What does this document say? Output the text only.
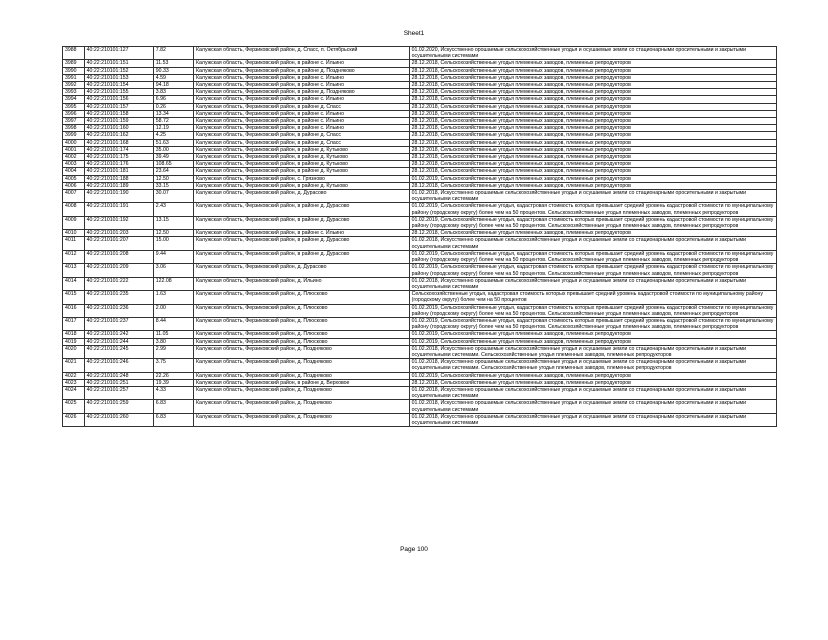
Sheet1
3988	40:22:210101:127	7.82	Калужская область, Ферзиковский район, д. Спасс, п. Октябрьский	01.02.2020, Искусственно орошаемые сельскохозяйственные угодья и осушаемые земли со стационарными оросительными и закрытыми осушительными системами
3989	40:22:210101:151	11.53	Калужская область, Ферзиковский район, в районе с. Ильино	28.12.2018, Сельскохозяйственные угодья племенных заводов, племенных репродукторов
3990	40:22:210101:152	90.33	Калужская область, Ферзиковский район, в районе д. Поздняково	28.12.2018, Сельскохозяйственные угодья племенных заводов, племенных репродукторов
3991	40:22:210101:153	4.59	Калужская область, Ферзиковский район, в районе с. Ильино	28.12.2018, Сельскохозяйственные угодья племенных заводов, племенных репродукторов
3992	40:22:210101:154	94.18	Калужская область, Ферзиковский район, в районе с. Ильино	28.12.2018, Сельскохозяйственные угодья племенных заводов, племенных репродукторов
3993	40:22:210101:155	3.83	Калужская область, Ферзиковский район, в районе д. Поздняково	28.12.2018, Сельскохозяйственные угодья племенных заводов, племенных репродукторов
3994	40:22:210101:156	6.96	Калужская область, Ферзиковский район, в районе с. Ильино	28.12.2018, Сельскохозяйственные угодья племенных заводов, племенных репродукторов
3995	40:22:210101:157	0.26	Калужская область, Ферзиковский район, в районе д. Спасс	28.12.2018, Сельскохозяйственные угодья племенных заводов, племенных репродукторов
3996	40:22:210101:158	13.34	Калужская область, Ферзиковский район, в районе с. Ильино	28.12.2018, Сельскохозяйственные угодья племенных заводов, племенных репродукторов
3997	40:22:210101:159	58.72	Калужская область, Ферзиковский район, в районе с. Ильино	28.12.2018, Сельскохозяйственные угодья племенных заводов, племенных репродукторов
3998	40:22:210101:160	12.19	Калужская область, Ферзиковский район, в районе с. Ильино	28.12.2018, Сельскохозяйственные угодья племенных заводов, племенных репродукторов
3999	40:22:210101:162	4.25	Калужская область, Ферзиковский район, в районе д. Спасс	28.12.2018, Сельскохозяйственные угодья племенных заводов, племенных репродукторов
4000	40:22:210101:168	51.63	Калужская область, Ферзиковский район, в районе д. Спасс	28.12.2018, Сельскохозяйственные угодья племенных заводов, племенных репродукторов
4001	40:22:210101:174	35.00	Калужская область, Ферзиковский район, в районе д. Кутьково	28.12.2018, Сельскохозяйственные угодья племенных заводов, племенных репродукторов
4002	40:22:210101:175	39.49	Калужская область, Ферзиковский район, в районе д. Кутьково	28.12.2018, Сельскохозяйственные угодья племенных заводов, племенных репродукторов
4003	40:22:210101:176	108.65	Калужская область, Ферзиковский район, в районе д. Кутьково	28.12.2018, Сельскохозяйственные угодья племенных заводов, племенных репродукторов
4004	40:22:210101:181	23.64	Калужская область, Ферзиковский район, в районе д. Кутьково	28.12.2018, Сельскохозяйственные угодья племенных заводов, племенных репродукторов
4005	40:22:210101:188	12.50	Калужская область, Ферзиковский район, с. Грязново	01.02.2019, Сельскохозяйственные угодья племенных заводов, племенных репродукторов
4006	40:22:210101:189	33.15	Калужская область, Ферзиковский район, в районе д. Кутьково	28.12.2018, Сельскохозяйственные угодья племенных заводов, племенных репродукторов
4007	40:22:210101:190	30.07	Калужская область, Ферзиковский район, д. Дурасово	01.02.2018, Искусственно орошаемые сельскохозяйственные угодья и осушаемые земли со стационарными оросительными и закрытыми осушительными системами
4008	40:22:210101:191	2.43	Калужская область, Ферзиковский район, в районе д. Дурасово	01.02.2019, Сельскохозяйственные угодья, кадастровая стоимость которых превышает средний уровень кадастровой стоимости по муниципальному району (городскому округу) более чем на 50 процентов. Сельскохозяйственные угодья племенных заводов, племенных репродукторов
4009	40:22:210101:192	13.15	Калужская область, Ферзиковский район, в районе д. Дурасово	01.02.2019, Сельскохозяйственные угодья, кадастровая стоимость которых превышает средний уровень кадастровой стоимости по муниципальному району (городскому округу) более чем на 50 процентов. Сельскохозяйственные угодья племенных заводов, племенных репродукторов
4010	40:22:210101:203	12.50	Калужская область, Ферзиковский район, в районе с. Ильино	28.12.2018, Сельскохозяйственные угодья племенных заводов, племенных репродукторов
4011	40:22:210101:207	15.00	Калужская область, Ферзиковский район, в районе д. Дурасово	01.02.2018, Искусственно орошаемые сельскохозяйственные угодья и осушаемые земли со стационарными оросительными и закрытыми осушительными системами
4012	40:22:210101:208	9.44	Калужская область, Ферзиковский район, в районе д. Дурасово	01.02.2019, Сельскохозяйственные угодья, кадастровая стоимость которых превышает средний уровень кадастровой стоимости по муниципальному району (городскому округу) более чем на 50 процентов. Сельскохозяйственные угодья племенных заводов, племенных репродукторов
4013	40:22:210101:209	3.06	Калужская область, Ферзиковский район, д. Дурасово	01.02.2019, Сельскохозяйственные угодья, кадастровая стоимость которых превышает средний уровень кадастровой стоимости по муниципальному району (городскому округу) более чем на 50 процентов. Сельскохозяйственные угодья племенных заводов, племенных репродукторов
4014	40:22:210101:222	122.08	Калужская область, Ферзиковский район, д. Ильино	01.02.2018, Искусственно орошаемые сельскохозяйственные угодья и осушаемые земли со стационарными оросительными и закрытыми осушительными системами
4015	40:22:210101:235	1.63	Калужская область, Ферзиковский район, д. Плюсково	Сельскохозяйственные угодья, кадастровая стоимость которых превышает средний уровень кадастровой стоимости по муниципальному району (городскому округу) более чем на 50 процентов
4016	40:22:210101:236	2.00	Калужская область, Ферзиковский район, д. Плюсково	01.02.2019, Сельскохозяйственные угодья, кадастровая стоимость которых превышает средний уровень кадастровой стоимости по муниципальному району (городскому округу) более чем на 50 процентов. Сельскохозяйственные угодья племенных заводов, племенных репродукторов
4017	40:22:210101:237	8.44	Калужская область, Ферзиковский район, д. Плюсково	01.02.2019, Сельскохозяйственные угодья, кадастровая стоимость которых превышает средний уровень кадастровой стоимости по муниципальному району (городскому округу) более чем на 50 процентов. Сельскохозяйственные угодья племенных заводов, племенных репродукторов
4018	40:22:210101:242	11.05	Калужская область, Ферзиковский район, д. Плюсково	01.02.2019, Сельскохозяйственные угодья племенных заводов, племенных репродукторов
4019	40:22:210101:244	3.80	Калужская область, Ферзиковский район, д. Плюсково	01.02.2019, Сельскохозяйственные угодья племенных заводов, племенных репродукторов
4020	40:22:210101:245	2.99	Калужская область, Ферзиковский район, д. Поздняково	01.02.2018, Искусственно орошаемые сельскохозяйственные угодья и осушаемые земли со стационарными оросительными и закрытыми осушительными системами. Сельскохозяйственные угодья племенных заводов, племенных репродукторов
4021	40:22:210101:246	3.75	Калужская область, Ферзиковский район, д. Поздняково	01.02.2018, Искусственно орошаемые сельскохозяйственные угодья и осушаемые земли со стационарными оросительными и закрытыми осушительными системами. Сельскохозяйственные угодья племенных заводов, племенных репродукторов
4022	40:22:210101:248	22.26	Калужская область, Ферзиковский район, д. Поздняково	01.02.2019, Сельскохозяйственные угодья племенных заводов, племенных репродукторов
4023	40:22:210101:251	19.39	Калужская область, Ферзиковский район, в районе д. Верховое	28.12.2018, Сельскохозяйственные угодья племенных заводов, племенных репродукторов
4024	40:22:210101:257	4.33	Калужская область, Ферзиковский район, д. Поздняково	01.02.2018, Искусственно орошаемые сельскохозяйственные угодья и осушаемые земли со стационарными оросительными и закрытыми осушительными системами
4025	40:22:210101:259	6.83	Калужская область, Ферзиковский район, д. Поздняково	01.02.2018, Искусственно орошаемые сельскохозяйственные угодья и осушаемые земли со стационарными оросительными и закрытыми осушительными системами
4026	40:22:210101:260	6.83	Калужская область, Ферзиковский район, д. Поздняково	01.02.2018, Искусственно орошаемые сельскохозяйственные угодья и осушаемые земли со стационарными оросительными и закрытыми осушительными системами
Page 100
